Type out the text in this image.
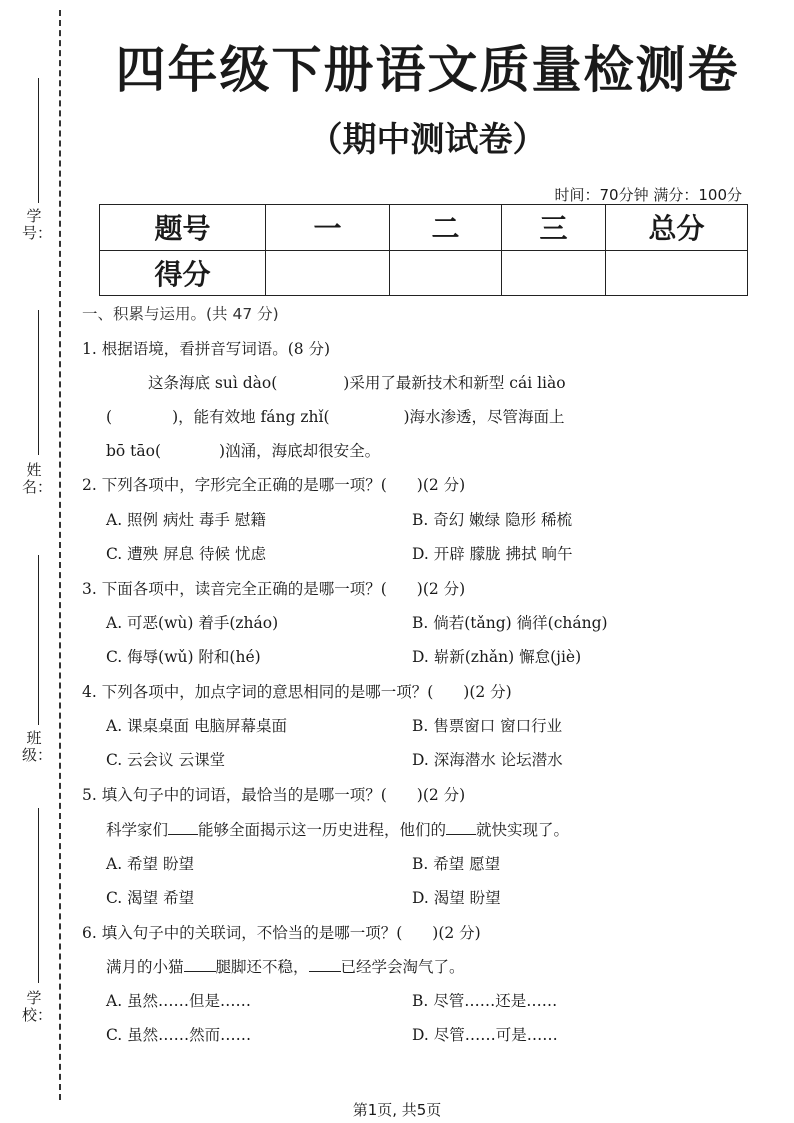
学号：
姓名：
班级：
学校：
四年级下册语文质量检测卷
（期中测试卷）
时间：70分钟 满分：100分
题号	一	二	三	总分
得分				
一、积累与运用。(共 47 分)
1. 根据语境，看拼音写词语。(8 分)
这条海底 suì dào(	)采用了最新技术和新型 cái liào
(	)，能有效地 fáng zhǐ(	)海水渗透，尽管海面上
bō tāo(	)汹涌，海底却很安全。
2. 下列各项中，字形完全正确的是哪一项？( )(2 分)
A. 照例 病灶 毒手 慰籍	B. 奇幻 嫩绿 隐形 稀梳
C. 遭殃 屏息 待候 忧虑	D. 开辟 朦胧 拂拭 晌午
3. 下面各项中，读音完全正确的是哪一项？( )(2 分)
A. 可恶(wù) 着手(zháo)	B. 倘若(tǎng) 徜徉(cháng)
C. 侮辱(wǔ) 附和(hé)	D. 崭新(zhǎn) 懈怠(jiè)
4. 下列各项中，加点字词的意思相同的是哪一项？( )(2 分)
A. 课桌桌面 电脑屏幕桌面	B. 售票窗口 窗口行业
C. 云会议 云课堂	D. 深海潜水 论坛潜水
5. 填入句子中的词语，最恰当的是哪一项？( )(2 分)
科学家们 能够全面揭示这一历史进程，他们的 就快实现了。
A. 希望 盼望	B. 希望 愿望
C. 渴望 希望	D. 渴望 盼望
6. 填入句子中的关联词，不恰当的是哪一项？( )(2 分)
满月的小猫 腿脚还不稳， 已经学会淘气了。
A. 虽然……但是……	B. 尽管……还是……
C. 虽然……然而……	D. 尽管……可是……
第1页, 共5页
